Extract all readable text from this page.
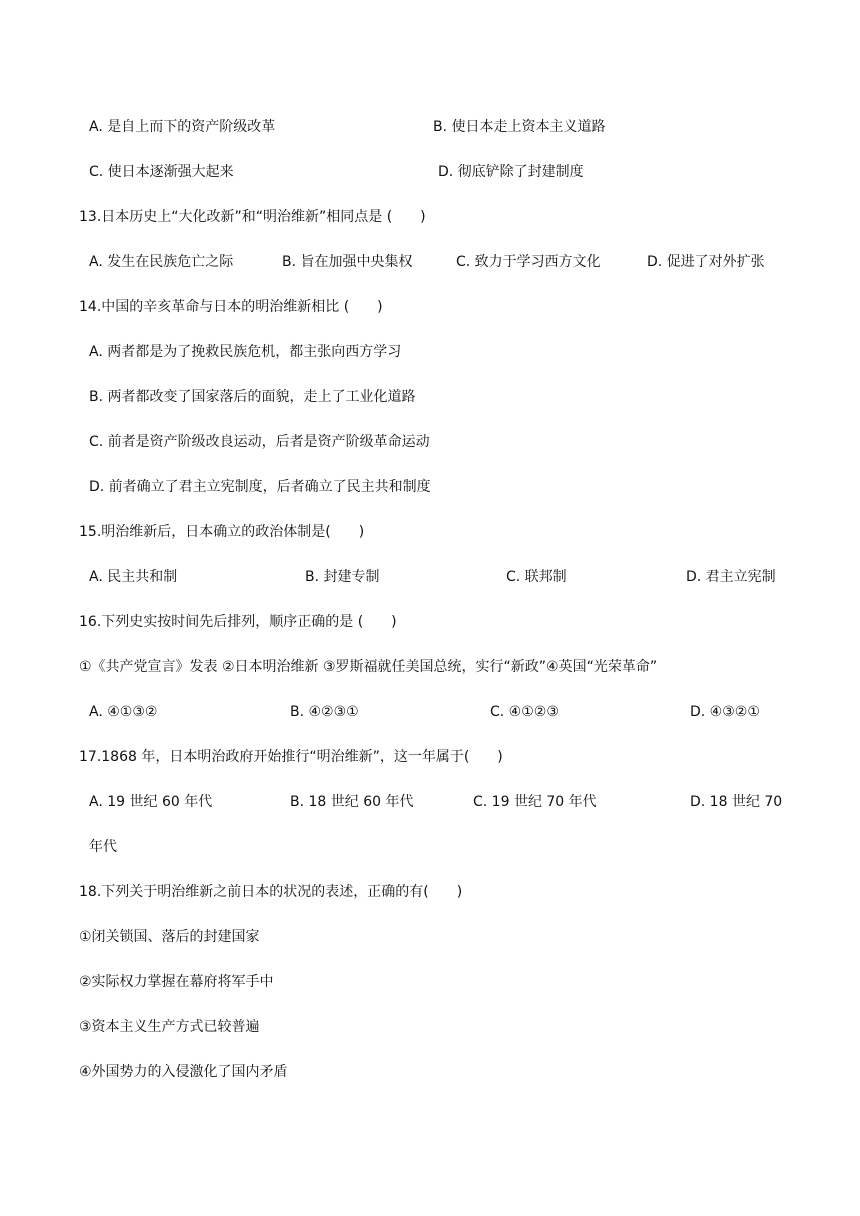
A. 是自上而下的资产阶级改革	B. 使日本走上资本主义道路
C. 使日本逐渐强大起来	D. 彻底铲除了封建制度
13.日本历史上“大化改新”和“明治维新”相同点是 (　　)
A. 发生在民族危亡之际	B. 旨在加强中央集权	C. 致力于学习西方文化	D. 促进了对外扩张
14.中国的辛亥革命与日本的明治维新相比 (　　)
A. 两者都是为了挽救民族危机，都主张向西方学习
B. 两者都改变了国家落后的面貌，走上了工业化道路
C. 前者是资产阶级改良运动，后者是资产阶级革命运动
D. 前者确立了君主立宪制度，后者确立了民主共和制度
15.明治维新后，日本确立的政治体制是(　　)
A. 民主共和制	B. 封建专制	C. 联邦制	D. 君主立宪制
16.下列史实按时间先后排列，顺序正确的是 (　　)
①《共产党宣言》发表 ②日本明治维新 ③罗斯福就任美国总统，实行“新政”④英国“光荣革命”
A. ④①③②	B. ④②③①	C. ④①②③	D. ④③②①
17.1868 年，日本明治政府开始推行“明治维新”，这一年属于(　　)
A. 19 世纪 60 年代	B. 18 世纪 60 年代	C. 19 世纪 70 年代	D. 18 世纪 70
年代
18.下列关于明治维新之前日本的状况的表述，正确的有(　　)
①闭关锁国、落后的封建国家
②实际权力掌握在幕府将军手中
③资本主义生产方式已较普遍
④外国势力的入侵激化了国内矛盾
